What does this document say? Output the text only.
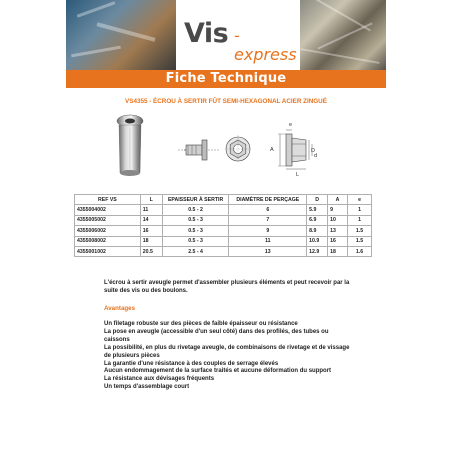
Vis -express
Fiche Technique
VS4355 - ÉCROU À SERTIR FÛT SEMI-HEXAGONAL ACIER ZINGUÉ
A
e
D
d
L
REF VS	L	EPAISSEUR À SERTIR	DIAMÈTRE DE PERÇAGE	D	A	e
4355004002	11	0.5 - 2	6	5.9	9	1
4355005002	14	0.5 - 3	7	6.9	10	1
4355006002	16	0.5 - 3	9	8.9	13	1.5
4355008002	18	0.5 - 3	11	10.9	16	1.5
4355001002	20.5	2.5 - 4	13	12.9	18	1.6
L'écrou à sertir aveugle permet d'assembler plusieurs éléments et peut recevoir par la suite des vis ou des boulons.
Avantages
Un filetage robuste sur des pièces de faible épaisseur ou résistance
La pose en aveugle (accessible d'un seul côté) dans des profilés, des tubes ou caissons
La possibilité, en plus du rivetage aveugle, de combinaisons de rivetage et de vissage de plusieurs pièces
La garantie d'une résistance à des couples de serrage élevés
Aucun endommagement de la surface traités et aucune déformation du support
La résistance aux dévisages fréquents
Un temps d'assemblage court
